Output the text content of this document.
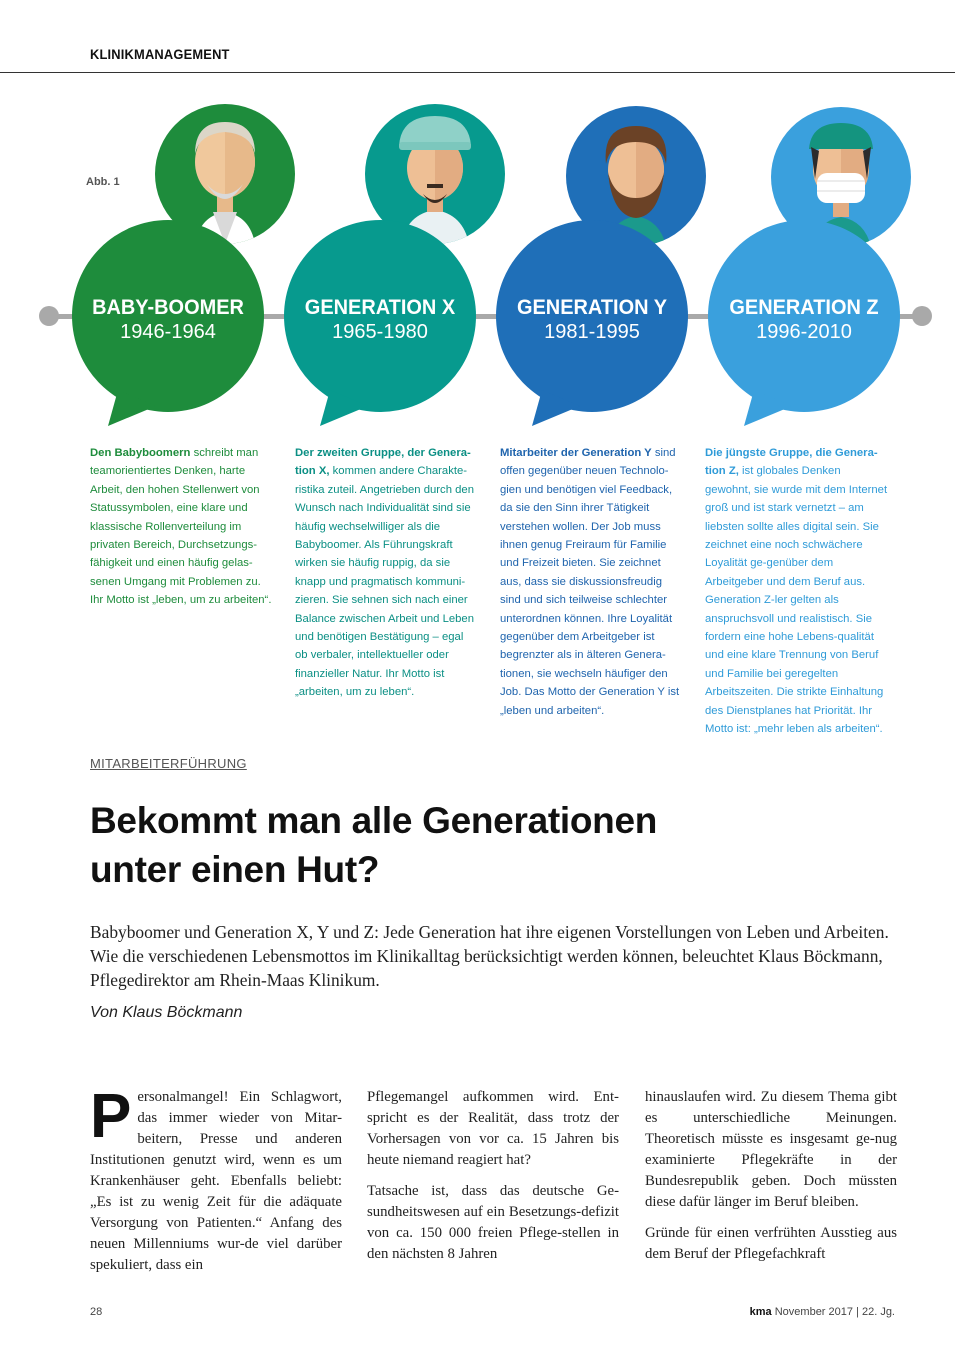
KLINIKMANAGEMENT
Abb. 1
BABY-BOOMER
1946-1964
GENERATION X
1965-1980
GENERATION Y
1981-1995
GENERATION Z
1996-2010
Den Babyboomern schreibt man teamorientiertes Denken, harte Arbeit, den hohen Stellenwert von Statussymbolen, eine klare und klassische Rollenverteilung im privaten Bereich, Durchsetzungs-fähigkeit und einen häufig gelas-senen Umgang mit Problemen zu. Ihr Motto ist „leben, um zu arbeiten“.
Der zweiten Gruppe, der Genera-tion X, kommen andere Charakte-ristika zuteil. Angetrieben durch den Wunsch nach Individualität sind sie häufig wechselwilliger als die Babyboomer. Als Führungskraft wirken sie häufig ruppig, da sie knapp und pragmatisch kommuni-zieren. Sie sehnen sich nach einer Balance zwischen Arbeit und Leben und benötigen Bestätigung – egal ob verbaler, intellektueller oder finanzieller Natur. Ihr Motto ist „arbeiten, um zu leben“.
Mitarbeiter der Generation Y sind offen gegenüber neuen Technolo-gien und benötigen viel Feedback, da sie den Sinn ihrer Tätigkeit verstehen wollen. Der Job muss ihnen genug Freiraum für Familie und Freizeit bieten. Sie zeichnet aus, dass sie diskussionsfreudig sind und sich teilweise schlechter unterordnen können. Ihre Loyalität gegenüber dem Arbeitgeber ist begrenzter als in älteren Genera-tionen, sie wechseln häufiger den Job. Das Motto der Generation Y ist „leben und arbeiten“.
Die jüngste Gruppe, die Genera-tion Z, ist globales Denken gewohnt, sie wurde mit dem Internet groß und ist stark vernetzt – am liebsten sollte alles digital sein. Sie zeichnet eine noch schwächere Loyalität ge-genüber dem Arbeitgeber und dem Beruf aus. Generation Z-ler gelten als anspruchsvoll und realistisch. Sie fordern eine hohe Lebens-qualität und eine klare Trennung von Beruf und Familie bei geregelten Arbeitszeiten. Die strikte Einhaltung des Dienstplanes hat Priorität. Ihr Motto ist: „mehr leben als arbeiten“.
MITARBEITERFÜHRUNG
Bekommt man alle Generationen
unter einen Hut?
Babyboomer und Generation X, Y und Z: Jede Generation hat ihre eigenen Vorstellungen von Leben und Arbeiten. Wie die verschiedenen Lebensmottos im Klinikalltag berücksichtigt werden können, beleuchtet Klaus Böckmann, Pflegedirektor am Rhein-Maas Klinikum.
Von Klaus Böckmann

Personalmangel! Ein Schlagwort, das immer wieder von Mitar-beitern, Presse und anderen Institutionen genutzt wird, wenn es um Krankenhäuser geht. Ebenfalls beliebt: „Es ist zu wenig Zeit für die adäquate Versorgung von Patienten.“ Anfang des neuen Millenniums wur-de viel darüber spekuliert, dass ein

Pflegemangel aufkommen wird. Ent-spricht es der Realität, dass trotz der Vorhersagen von vor ca. 15 Jahren bis heute niemand reagiert hat?

Tatsache ist, dass das deutsche Ge-sundheitswesen auf ein Besetzungs-defizit von ca. 150 000 freien Pflege-stellen in den nächsten 8 Jahren

hinauslaufen wird. Zu diesem Thema gibt es unterschiedliche Meinungen. Theoretisch müsste es insgesamt ge-nug examinierte Pflegekräfte in der Bundesrepublik geben. Doch müssten diese dafür länger im Beruf bleiben.

Gründe für einen verfrühten Ausstieg aus dem Beruf der Pflegefachkraft

28	kma November 2017 | 22. Jg.
